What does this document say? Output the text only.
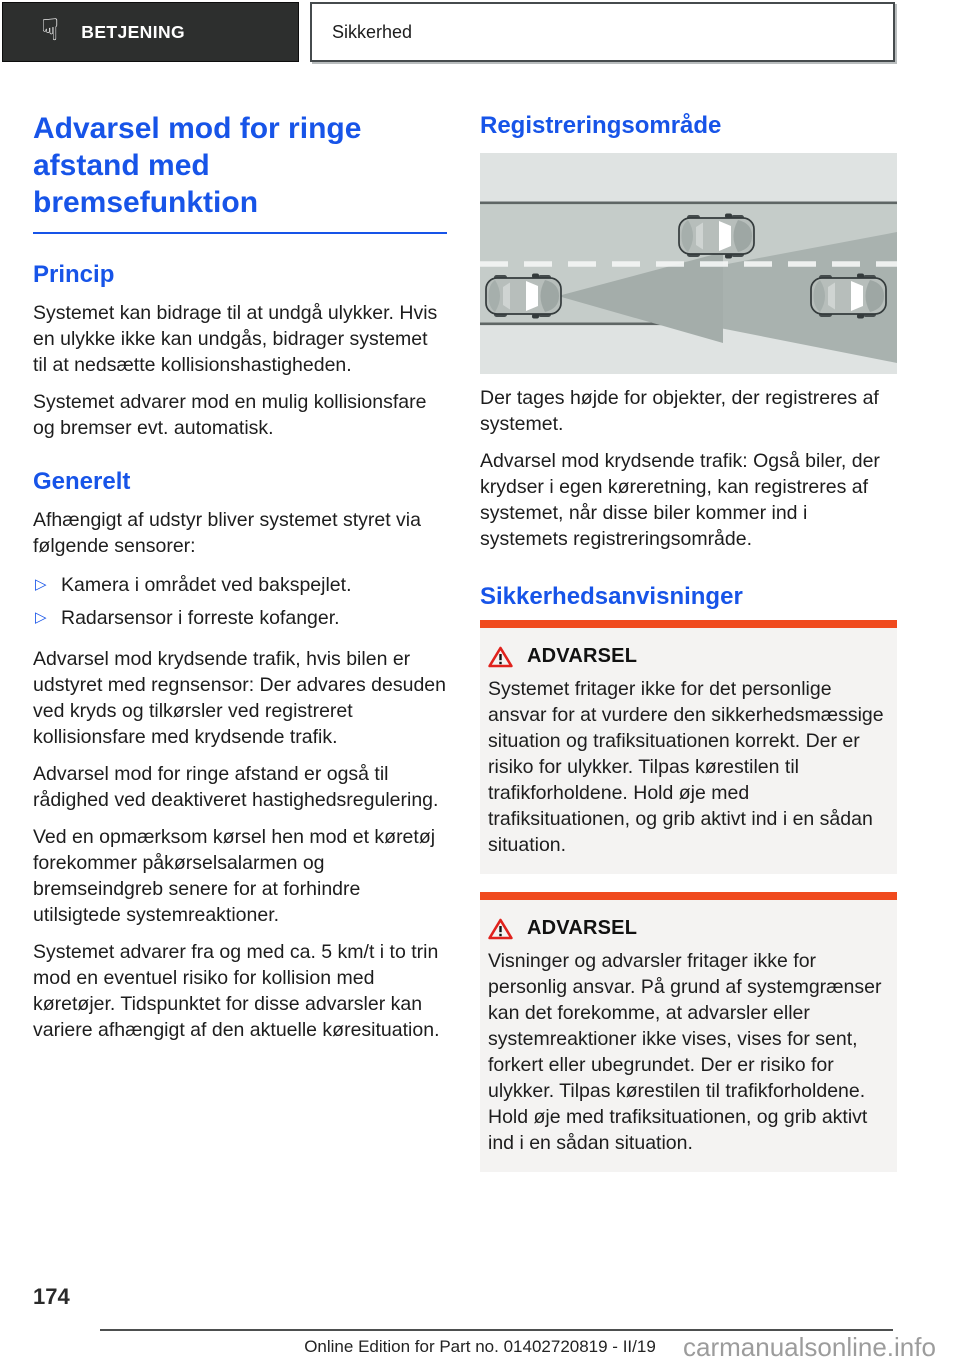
☟ BETJENING	Sikkerhed
Advarsel mod for ringe afstand med bremsefunktion
Princip

Systemet kan bidrage til at undgå ulykker. Hvis en ulykke ikke kan undgås, bidrager systemet til at nedsætte kollisionshastigheden.

Systemet advarer mod en mulig kollisionsfare og bremser evt. automatisk.

Generelt

Afhængigt af udstyr bliver systemet styret via følgende sensorer:

▷ Kamera i området ved bakspejlet.
▷ Radarsensor i forreste kofanger.

Advarsel mod krydsende trafik, hvis bilen er udstyret med regnsensor: Der advares desuden ved kryds og tilkørsler ved registreret kollisionsfare med krydsende trafik.

Advarsel mod for ringe afstand er også til rådighed ved deaktiveret hastighedsregulering.

Ved en opmærksom kørsel hen mod et køretøj forekommer påkørselsalarmen og bremseindgreb senere for at forhindre utilsigtede systemreaktioner.

Systemet advarer fra og med ca. 5 km/t i to trin mod en eventuel risiko for kollision med køretøjer. Tidspunktet for disse advarsler kan variere afhængigt af den aktuelle køresituation.

Registreringsområde

Der tages højde for objekter, der registreres af systemet.

Advarsel mod krydsende trafik: Også biler, der krydser i egen køreretning, kan registreres af systemet, når disse biler kommer ind i systemets registreringsområde.

Sikkerhedsanvisninger
ADVARSEL

Systemet fritager ikke for det personlige ansvar for at vurdere den sikkerhedsmæssige situation og trafiksituationen korrekt. Der er risiko for ulykker. Tilpas kørestilen til trafikforholdene. Hold øje med trafiksituationen, og grib aktivt ind i en sådan situation.

ADVARSEL

Visninger og advarsler fritager ikke for personlig ansvar. På grund af systemgrænser kan det forekomme, at advarsler eller systemreaktioner ikke vises, vises for sent, forkert eller ubegrundet. Der er risiko for ulykker. Tilpas kørestilen til trafikforholdene. Hold øje med trafiksituationen, og grib aktivt ind i en sådan situation.

174
Online Edition for Part no. 01402720819 - II/19	carmanualsonline.info
